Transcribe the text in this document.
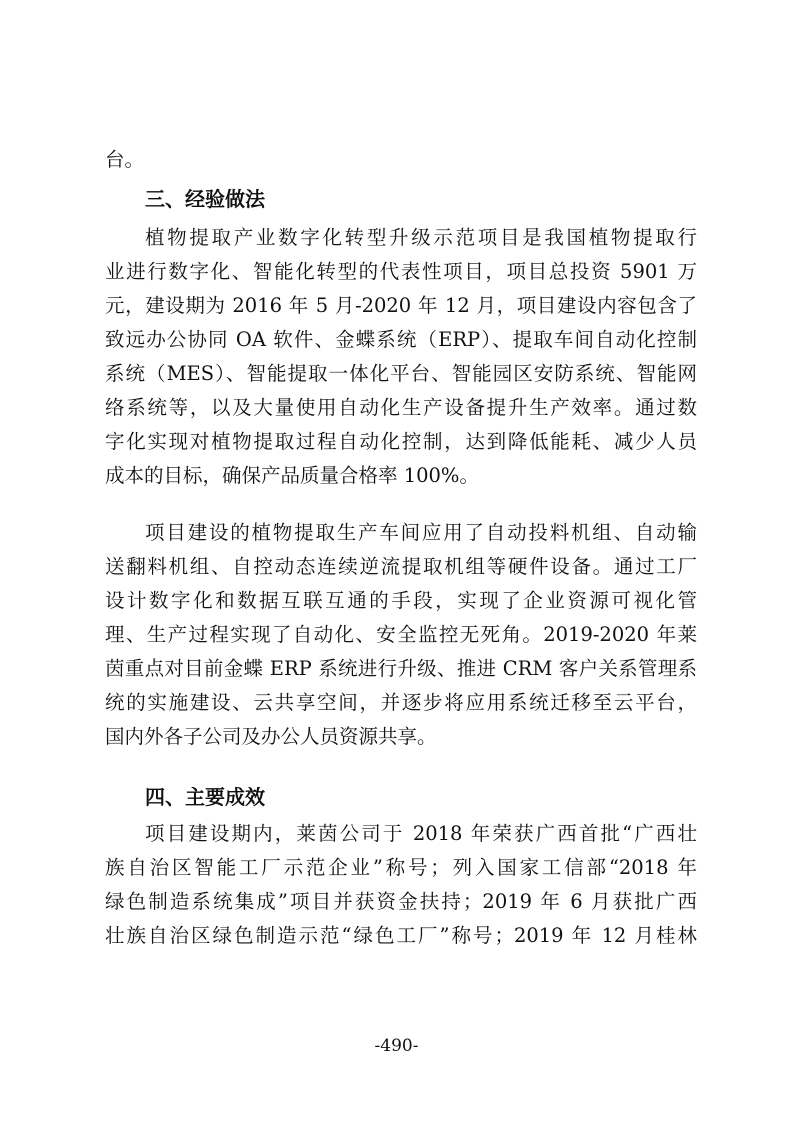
台。
三、经验做法
植物提取产业数字化转型升级示范项目是我国植物提取行
业进行数字化、智能化转型的代表性项目，项目总投资 5901 万
元，建设期为 2016 年 5 月-2020 年 12 月，项目建设内容包含了
致远办公协同 OA 软件、金蝶系统（ERP）、提取车间自动化控制
系统（MES）、智能提取一体化平台、智能园区安防系统、智能网
络系统等，以及大量使用自动化生产设备提升生产效率。通过数
字化实现对植物提取过程自动化控制，达到降低能耗、减少人员
成本的目标，确保产品质量合格率 100%。
项目建设的植物提取生产车间应用了自动投料机组、自动输
送翻料机组、自控动态连续逆流提取机组等硬件设备。通过工厂
设计数字化和数据互联互通的手段，实现了企业资源可视化管
理、生产过程实现了自动化、安全监控无死角。2019-2020 年莱
茵重点对目前金蝶 ERP 系统进行升级、推进 CRM 客户关系管理系
统的实施建设、云共享空间，并逐步将应用系统迁移至云平台，
国内外各子公司及办公人员资源共享。
四、主要成效
项目建设期内，莱茵公司于 2018 年荣获广西首批“广西壮
族自治区智能工厂示范企业”称号；列入国家工信部“2018 年
绿色制造系统集成”项目并获资金扶持；2019 年 6 月获批广西
壮族自治区绿色制造示范“绿色工厂”称号；2019 年 12 月桂林
-490-
